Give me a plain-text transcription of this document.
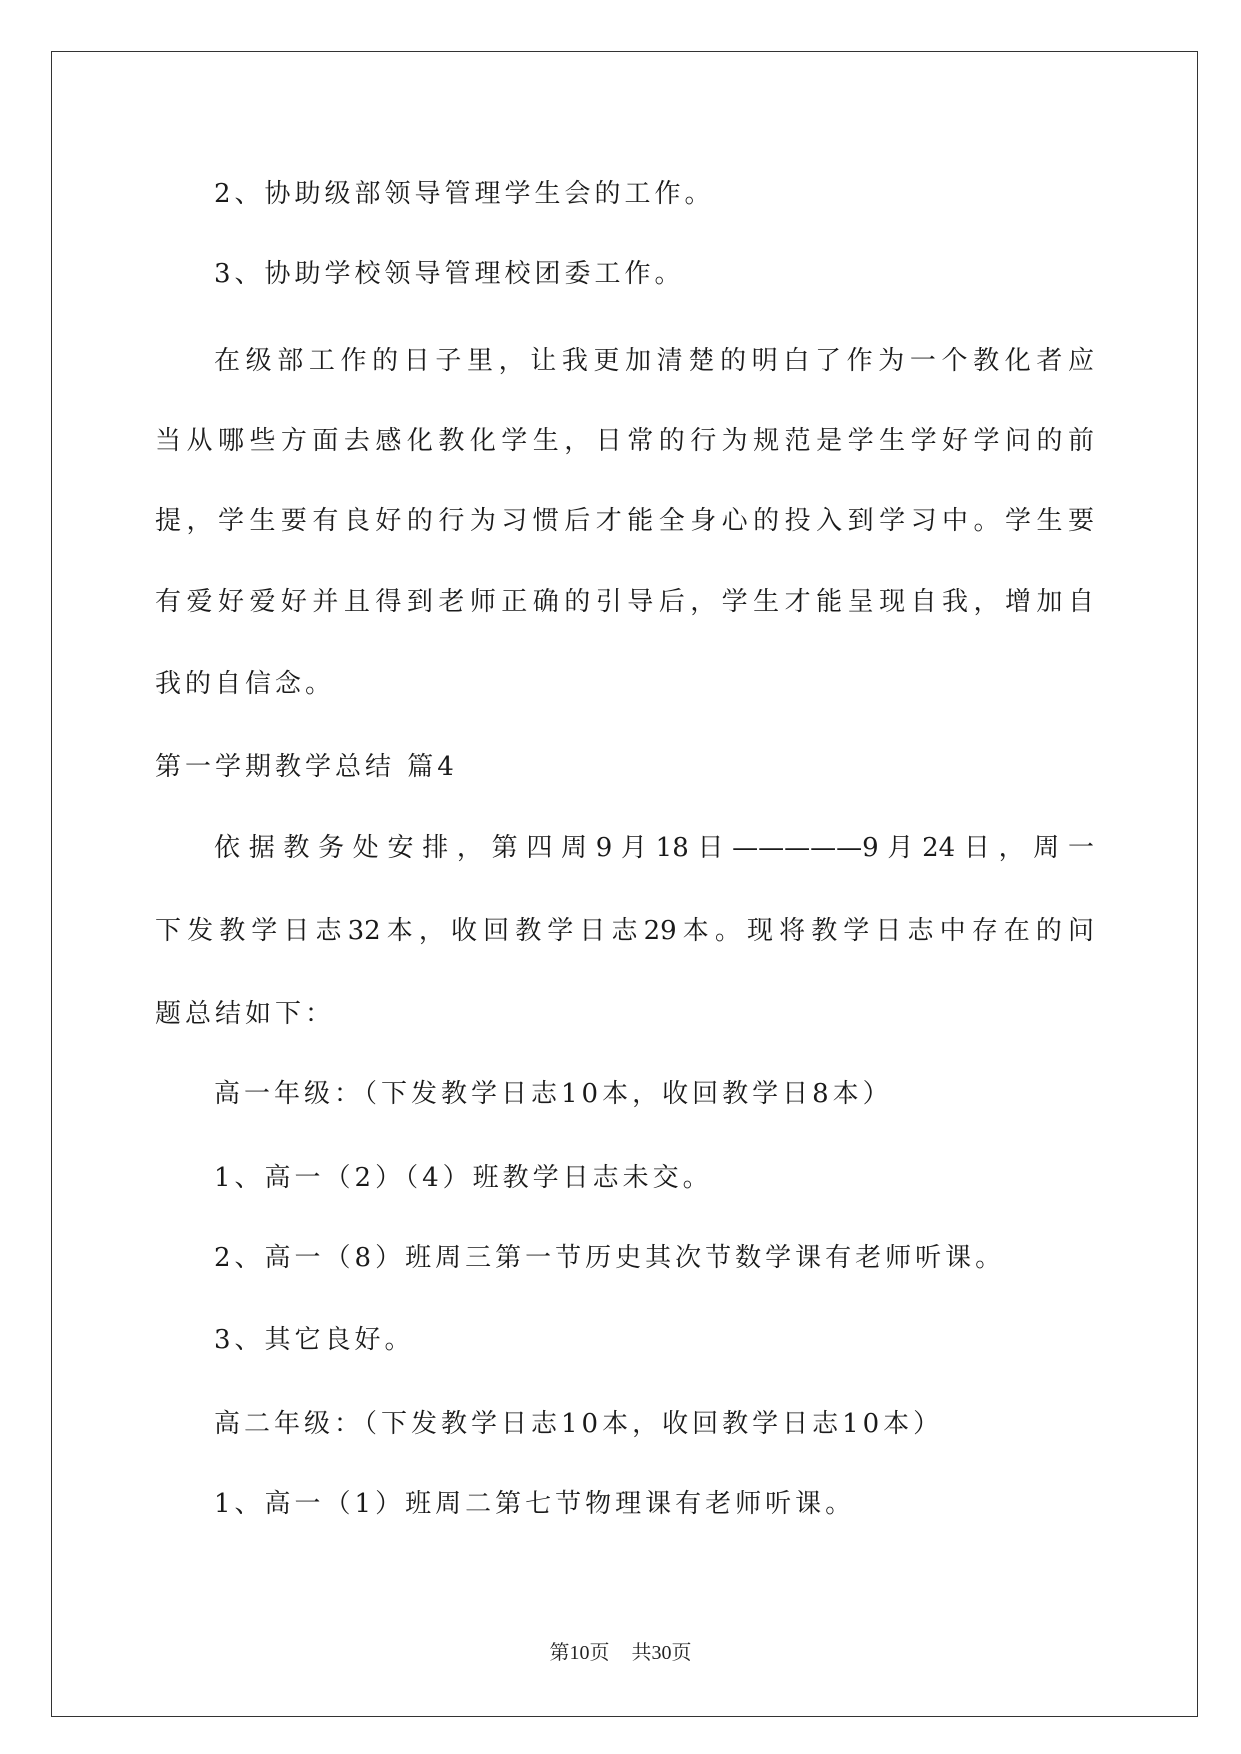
2、协助级部领导管理学生会的工作。
3、协助学校领导管理校团委工作。
在级部工作的日子里，让我更加清楚的明白了作为一个教化者应
当从哪些方面去感化教化学生，日常的行为规范是学生学好学问的前
提，学生要有良好的行为习惯后才能全身心的投入到学习中。学生要
有爱好爱好并且得到老师正确的引导后，学生才能呈现自我，增加自
我的自信念。
第一学期教学总结 篇4
依据教务处安排，第四周9月18日—————9月24日，周一
下发教学日志32本，收回教学日志29本。现将教学日志中存在的问
题总结如下：
高一年级：（下发教学日志10本，收回教学日8本）
1、高一（2）（4）班教学日志未交。
2、高一（8）班周三第一节历史其次节数学课有老师听课。
3、其它良好。
高二年级：（下发教学日志10本，收回教学日志10本）
1、高一（1）班周二第七节物理课有老师听课。
第10页 共30页
